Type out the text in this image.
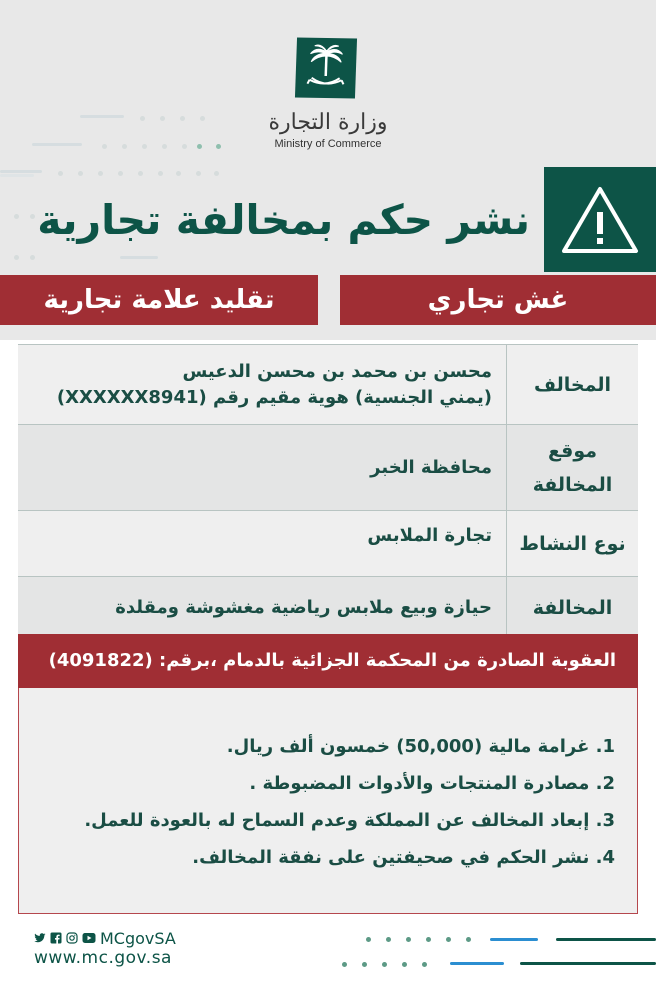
وزارة التجارة
Ministry of Commerce
نشر حكم بمخالفة تجارية
غش تجاري
تقليد علامة تجارية
المخالف
محسن بن محمد بن محسن الدعيس
(يمني الجنسية) هوية مقيم رقم (XXXXXX8941)
موقع
المخالفة
محافظة الخبر
نوع النشاط
تجارة الملابس
المخالفة
حيازة وبيع ملابس رياضية مغشوشة ومقلدة
العقوبة الصادرة من المحكمة الجزائية بالدمام ،برقم: (4091822)
1. غرامة مالية (50,000) خمسون ألف ريال.
2. مصادرة المنتجات والأدوات المضبوطة .
3. إبعاد المخالف عن المملكة وعدم السماح له بالعودة للعمل.
4. نشر الحكم في صحيفتين على نفقة المخالف.
MCgovSA
www.mc.gov.sa
